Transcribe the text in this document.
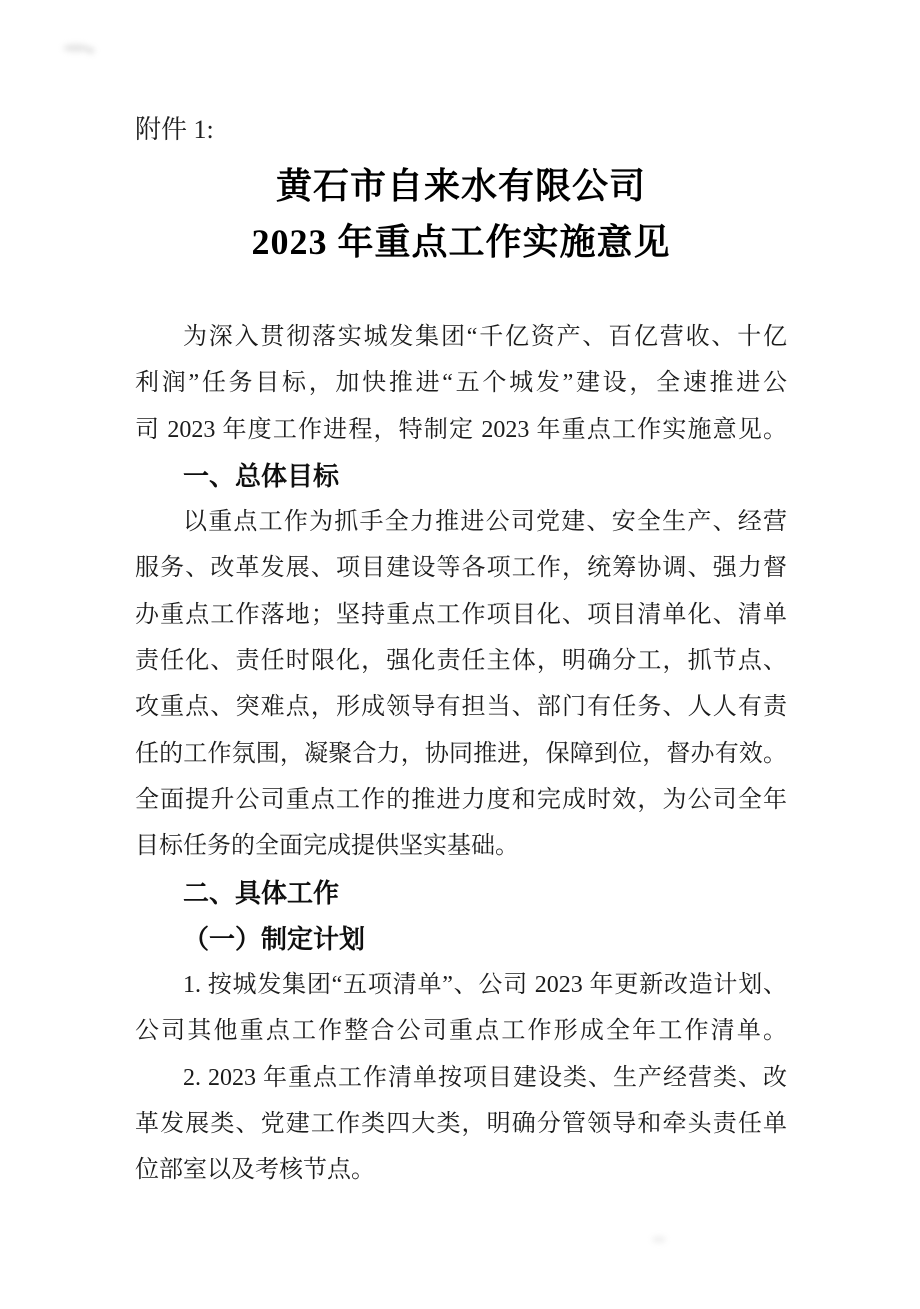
附件 1:
黄石市自来水有限公司
2023 年重点工作实施意见
为深入贯彻落实城发集团“千亿资产、百亿营收、十亿
利润”任务目标，加快推进“五个城发”建设，全速推进公
司 2023 年度工作进程，特制定 2023 年重点工作实施意见。
一、总体目标
以重点工作为抓手全力推进公司党建、安全生产、经营
服务、改革发展、项目建设等各项工作，统筹协调、强力督
办重点工作落地；坚持重点工作项目化、项目清单化、清单
责任化、责任时限化，强化责任主体，明确分工，抓节点、
攻重点、突难点，形成领导有担当、部门有任务、人人有责
任的工作氛围，凝聚合力，协同推进，保障到位，督办有效。
全面提升公司重点工作的推进力度和完成时效，为公司全年
目标任务的全面完成提供坚实基础。
二、具体工作
（一）制定计划
1. 按城发集团“五项清单”、公司 2023 年更新改造计划、
公司其他重点工作整合公司重点工作形成全年工作清单。
2. 2023 年重点工作清单按项目建设类、生产经营类、改
革发展类、党建工作类四大类，明确分管领导和牵头责任单
位部室以及考核节点。
